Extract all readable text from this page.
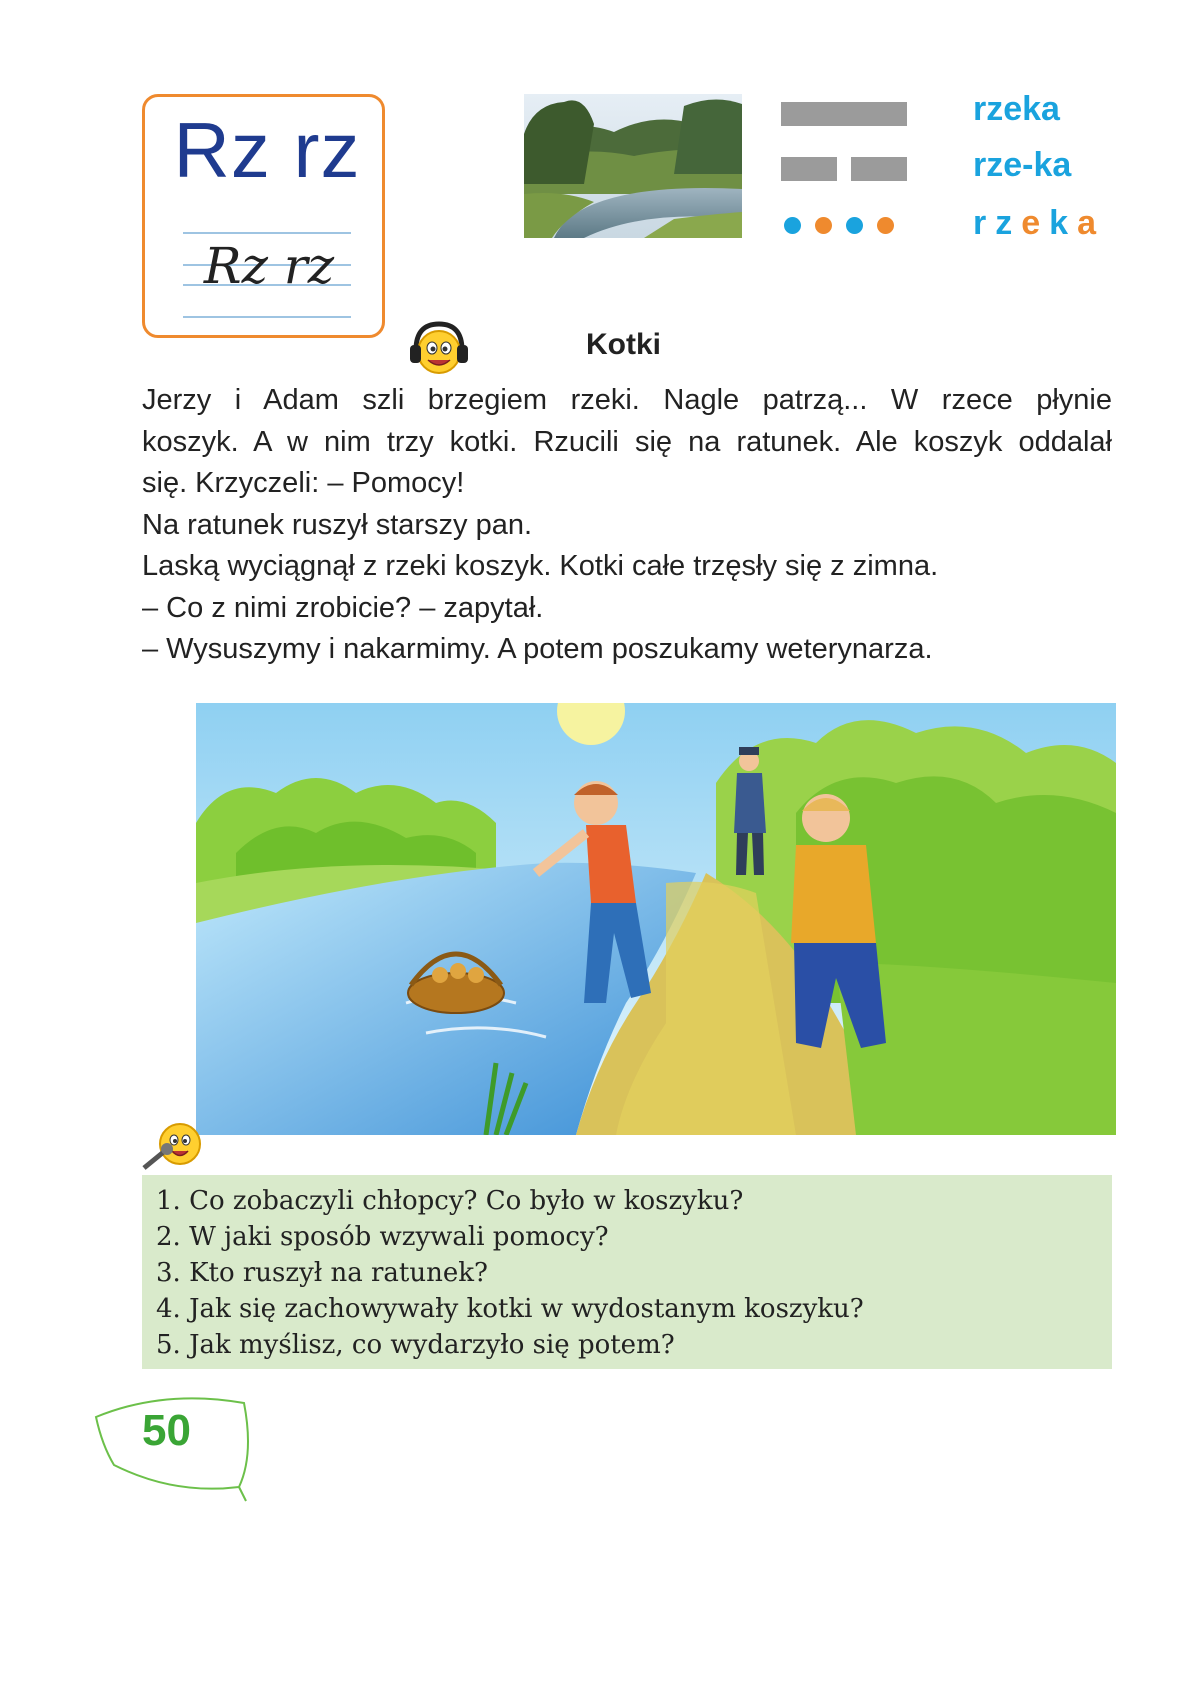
Rz rz
Rz rz
rzeka
rze-ka
rzeka
Kotki

Jerzy i Adam szli brzegiem rzeki. Nagle patrzą... W rzece płynie

koszyk. A w nim trzy kotki. Rzucili się na ratunek. Ale koszyk oddalał

się. Krzyczeli: – Pomocy!

Na ratunek ruszył starszy pan.

Laską wyciągnął z rzeki koszyk. Kotki całe trzęsły się z zimna.

– Co z nimi zrobicie? – zapytał.

– Wysuszymy i nakarmimy. A potem poszukamy weterynarza.

1. Co zobaczyli chłopcy? Co było w koszyku?
2. W jaki sposób wzywali pomocy?
3. Kto ruszył na ratunek?
4. Jak się zachowywały kotki w wydostanym koszyku?
5. Jak myślisz, co wydarzyło się potem?
50
